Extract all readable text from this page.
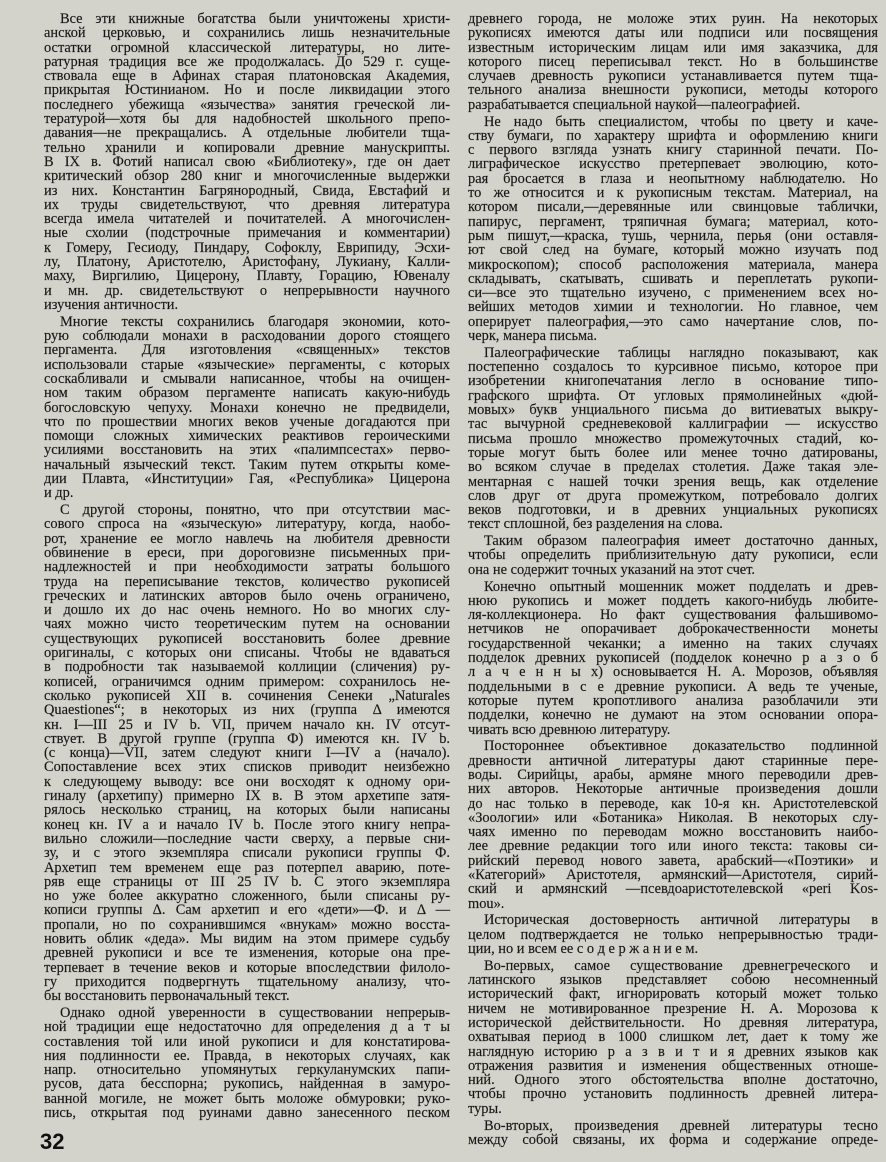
Все эти книжные богатства были уничтожены христи-
анской церковью, и сохранились лишь незначительные
остатки огромной классической литературы, но лите-
ратурная традиция все же продолжалась. До 529 г. суще-
ствовала еще в Афинах старая платоновская Академия,
прикрытая Юстинианом. Но и после ликвидации этого
последнего убежища «язычества» занятия греческой ли-
тературой—хотя бы для надобностей школьного препо-
давания—не прекращались. А отдельные любители тща-
тельно хранили и копировали древние манускрипты.
В IX в. Фотий написал свою «Библиотеку», где он дает
критический обзор 280 книг и многочисленные выдержки
из них. Константин Багрянородный, Свида, Евстафий и
их труды свидетельствуют, что древняя литература
всегда имела читателей и почитателей. А многочислен-
ные схолии (подстрочные примечания и комментарии)
к Гомеру, Гесиоду, Пиндару, Софоклу, Еврипиду, Эсхи-
лу, Платону, Аристотелю, Аристофану, Лукиану, Калли-
маху, Виргилию, Цицерону, Плавту, Горацию, Ювеналу
и мн. др. свидетельствуют о непрерывности научного
изучения античности.
Многие тексты сохранились благодаря экономии, кото-
рую соблюдали монахи в расходовании дорого стоящего
пергамента. Для изготовления «священных» текстов
использовали старые «языческие» пергаменты, с которых
соскабливали и смывали написанное, чтобы на очищен-
ном таким образом пергаменте написать какую-нибудь
богословскую чепуху. Монахи конечно не предвидели,
что по прошествии многих веков ученые догадаются при
помощи сложных химических реактивов героическими
усилиями восстановить на этих «палимпсестах» перво-
начальный языческий текст. Таким путем открыты коме-
дии Плавта, «Институции» Гая, «Республика» Цицерона
и др.
С другой стороны, понятно, что при отсутствии мас-
сового спроса на «языческую» литературу, когда, наобо-
рот, хранение ее могло навлечь на любителя древности
обвинение в ереси, при дороговизне письменных при-
надлежностей и при необходимости затраты большого
труда на переписывание текстов, количество рукописей
греческих и латинских авторов было очень ограничено,
и дошло их до нас очень немного. Но во многих слу-
чаях можно чисто теоретическим путем на основании
существующих рукописей восстановить более древние
оригиналы, с которых они списаны. Чтобы не вдаваться
в подробности так называемой коллиции (сличения) ру-
кописей, ограничимся одним примером: сохранилось не-
сколько рукописей XII в. сочинения Сенеки „Naturales
Quaestiones“; в некоторых из них (группа Δ имеются
кн. I—III 25 и IV b. VII, причем начало кн. IV отсут-
ствует. В другой группе (группа Ф) имеются кн. IV b.
(с конца)—VII, затем следуют книги I—IV а (начало).
Сопоставление всех этих списков приводит неизбежно
к следующему выводу: все они восходят к одному ори-
гиналу (архетипу) примерно IX в. В этом архетипе затя-
рялось несколько страниц, на которых были написаны
конец кн. IV а и начало IV b. После этого книгу непра-
вильно сложили—последние части сверху, а первые сни-
зу, и с этого экземпляра списали рукописи группы Ф.
Архетип тем временем еще раз потерпел аварию, поте-
ряв еще страницы от III 25 IV b. С этого экземпляра
но уже более аккуратно сложенного, были списаны ру-
кописи группы Δ. Сам архетип и его «дети»—Ф. и Δ —
пропали, но по сохранившимся «внукам» можно восста-
новить облик «деда». Мы видим на этом примере судьбу
древней рукописи и все те изменения, которые она пре-
терпевает в течение веков и которые впоследствии филоло-
гу приходится подвергнуть тщательному анализу, что-
бы восстановить первоначальный текст.
Однако одной уверенности в существовании непрерыв-
ной традиции еще недостаточно для определения д а т ы
составления той или иной рукописи и для констатирова-
ния подлинности ее. Правда, в некоторых случаях, как
напр. относительно упомянутых геркуланумских папи-
русов, дата бесспорна; рукопись, найденная в замуро-
ванной могиле, не может быть моложе обмуровки; руко-
пись, открытая под руинами давно занесенного песком
древнего города, не моложе этих руин. На некоторых
рукописях имеются даты или подписи или посвящения
известным историческим лицам или имя заказчика, для
которого писец переписывал текст. Но в большинстве
случаев древность рукописи устанавливается путем тща-
тельного анализа внешности рукописи, методы которого
разрабатывается специальной наукой—палеографией.
Не надо быть специалистом, чтобы по цвету и каче-
ству бумаги, по характеру шрифта и оформлению книги
с первого взгляда узнать книгу старинной печати. По-
лиграфическое искусство претерпевает эволюцию, кото-
рая бросается в глаза и неопытному наблюдателю. Но
то же относится и к рукописным текстам. Материал, на
котором писали,—деревянные или свинцовые таблички,
папирус, пергамент, тряпичная бумага; материал, кото-
рым пишут,—краска, тушь, чернила, перья (они оставля-
ют свой след на бумаге, который можно изучать под
микроскопом); способ расположения материала, манера
складывать, скатывать, сшивать и переплетать рукопи-
си—все это тщательно изучено, с применением всех но-
вейших методов химии и технологии. Но главное, чем
оперирует палеография,—это само начертание слов, по-
черк, манера письма.
Палеографические таблицы наглядно показывают, как
постепенно создалось то курсивное письмо, которое при
изобретении книгопечатания легло в основание типо-
графского шрифта. От угловых прямолинейных «дюй-
мовых» букв унциального письма до витиеватых выкру-
тас вычурной средневековой каллиграфии — искусство
письма прошло множество промежуточных стадий, ко-
торые могут быть более или менее точно датированы,
во всяком случае в пределах столетия. Даже такая эле-
ментарная с нашей точки зрения вещь, как отделение
слов друг от друга промежутком, потребовало долгих
веков подготовки, и в древних унциальных рукописях
текст сплошной, без разделения на слова.
Таким образом палеография имеет достаточно данных,
чтобы определить приблизительную дату рукописи, если
она не содержит точных указаний на этот счет.
Конечно опытный мошенник может подделать и древ-
нюю рукопись и может поддеть какого-нибудь любите-
ля-коллекционера. Но факт существования фальшивомо-
нетчиков не опорачивает доброкачественности монеты
государственной чеканки; а именно на таких случаях
подделок древних рукописей (подделок конечно р а з о б
л а ч е н н ы х) основывается Н. А. Морозов, объявляя
поддельными в с е древние рукописи. А ведь те ученые,
которые путем кропотливого анализа разоблачили эти
подделки, конечно не думают на этом основании опора-
чивать всю древнюю литературу.
Постороннее объективное доказательство подлинной
древности античной литературы дают старинные пере-
воды. Сирийцы, арабы, армяне много переводили древ-
них авторов. Некоторые античные произведения дошли
до нас только в переводе, как 10-я кн. Аристотелевской
«Зоологии» или «Ботаника» Николая. В некоторых слу-
чаях именно по переводам можно восстановить наибо-
лее древние редакции того или иного текста: таковы си-
рийский перевод нового завета, арабский—«Поэтики» и
«Категорий» Аристотеля, армянский—Аристотеля, сирий-
ский и армянский —псевдоаристотелевской «peri Kos-
mou».
Историческая достоверность античной литературы в
целом подтверждается не только непрерывностью тради-
ции, но и всем ее с о д е р ж а н и е м.
Во-первых, самое существование древнегреческого и
латинского языков представляет собою несомненный
исторический факт, игнорировать который может только
ничем не мотивированное презрение Н. А. Морозова к
исторической действительности. Но древняя литература,
охватывая период в 1000 слишком лет, дает к тому же
наглядную историю р а з в и т и я древних языков как
отражения развития и изменения общественных отноше-
ний. Одного этого обстоятельства вполне достаточно,
чтобы прочно установить подлинность древней литера-
туры.
Во-вторых, произведения древней литературы тесно
между собой связаны, их форма и содержание опреде-
32
